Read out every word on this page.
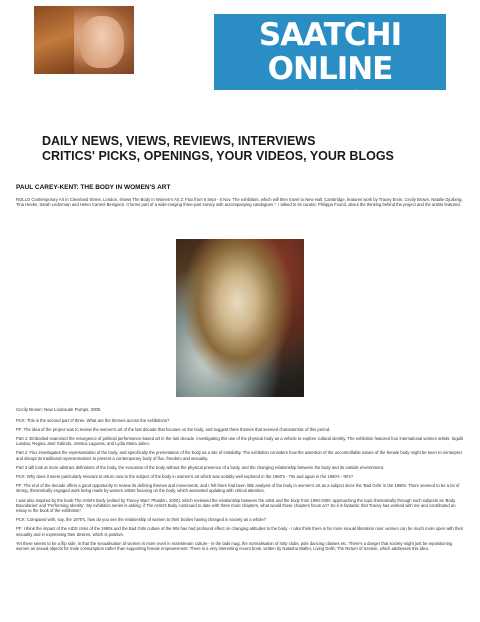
SAATCHI ONLINE
TV & MAGAZINE
DAILY NEWS, VIEWS, REVIEWS, INTERVIEWS
CRITICS' PICKS, OPENINGS, YOUR VIDEOS, YOUR BLOGS
PAUL CAREY-KENT: THE BODY IN WOMEN'S ART

ROLLO Contemporary Art in Cleveland Street, London, shows The Body in Women's Art 2: Flux from 6 Sept - 5 Nov. The exhibition, which will then travel to New Hall, Cambridge, features work by Tracey Emin, Cecily Brown, Natalie Djurberg, Tina Heeks, Sarah Lederman and Helen Carmel Benigson. It forms part of a wide-ranging three-part survey with accompanying catalogues *. I talked to its curator, Philippa Found, about the thinking behind the project and the artists featured.

Cecily Brown: New Louboutin Pumps, 2005

PCK: This is the second part of three. What are the themes across the exhibitions?

PF: The idea of the project was to review the women's art of the last decade that focuses on the body, and suggest three themes that seemed characteristic of this period.

Part 1: Embodied examined the resurgence of political performance-based art in the last decade, investigating this use of the physical body as a vehicle to explore cultural identity. The exhibition featured four international women artists: Sigalit Landau, Regina José Galindo, Jessica Lagunas, and Lydia Maria Julien.

Part 2: Flux investigates the representation of the body, and specifically the presentation of the body as a site of instability. The exhibition considers how the assertion of the uncontrollable nature of the female body might be seen to reinterpret and disrupt its traditional representations to present a contemporary body of flux, freedom and sexuality.

Part 3 will look at more abstract definitions of the body, the evocation of the body without the physical presence of a body, and the changing relationship between the body and its outside environment.

PCK: Why does it seem particularly relevant to return now to the subject of the body in women's art which was notably well explored in the 1960's - 70s and again in the 1980's - 90's?

PF: The end of the decade offers a good opportunity to review its defining themes and movements, and I felt there had been little analysis of the body in women's art as a subject since the 'Bad Girls' in the 1990s. There seemed to be a lot of strong, theoretically engaged work being made by women artists focusing on the body, which warranted updating with critical attention.

I was also inspired by the book The Artist's Body (edited by Tracey Warr: Phaidon, 2000), which reviewed the relationship between the artist and the body from 1960-2000, approaching the topic thematically through such subjects as 'Body Boundaries' and 'Performing Identity'. My exhibition series is asking: if The Artist's Body continued to date with three more chapters, what would those chapters focus on? So it is fantastic that Tracey has worked with me and contributed an essay to the book of the exhibition*.

PCK: Compared with, say, the 1970's, how do you see the relationship of women to their bodies having changed in society as a whole?

PF: I think the impact of the AIDS crisis of the 1980s and the Bad Girls culture of the 90s has had profound effect on changing attitudes to the body - I also think there is far more sexual liberation now: women can be much more open with their sexuality and in expressing their desires, which is positive.

Yet there seems to be a flip side; in that the sexualisation of women is more overt in mainstream culture - in the lads mag, the normalisation of strip clubs, pole dancing classes etc. There's a danger that society might just be repositioning women as sexual objects for male consumption rather than supporting female empowerment. There is a very interesting recent book, written by Natasha Walter, Living Dolls; The Return of Sexism, which addresses this idea.
